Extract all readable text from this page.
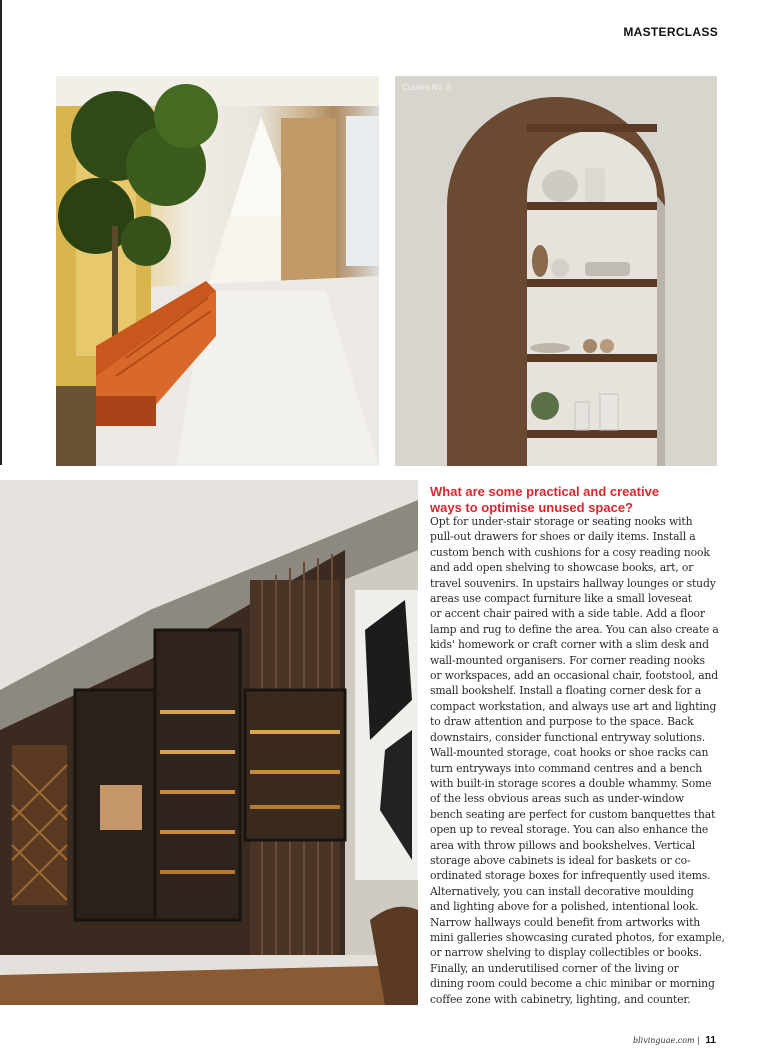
MASTERCLASS
Ritz Interiors
Custom No. 9
What are some practical and creative
ways to optimise unused space?
Opt for under-stair storage or seating nooks with
pull-out drawers for shoes or daily items. Install a
custom bench with cushions for a cosy reading nook
and add open shelving to showcase books, art, or
travel souvenirs. In upstairs hallway lounges or study
areas use compact furniture like a small loveseat
or accent chair paired with a side table. Add a floor
lamp and rug to define the area. You can also create a
kids' homework or craft corner with a slim desk and
wall-mounted organisers. For corner reading nooks
or workspaces, add an occasional chair, footstool, and
small bookshelf. Install a floating corner desk for a
compact workstation, and always use art and lighting
to draw attention and purpose to the space. Back
downstairs, consider functional entryway solutions.
Wall-mounted storage, coat hooks or shoe racks can
turn entryways into command centres and a bench
with built-in storage scores a double whammy. Some
of the less obvious areas such as under-window
bench seating are perfect for custom banquettes that
open up to reveal storage. You can also enhance the
area with throw pillows and bookshelves. Vertical
storage above cabinets is ideal for baskets or co-
ordinated storage boxes for infrequently used items.
Alternatively, you can install decorative moulding
and lighting above for a polished, intentional look.
Narrow hallways could benefit from artworks with
mini galleries showcasing curated photos, for example,
or narrow shelving to display collectibles or books.
Finally, an underutilised corner of the living or
dining room could become a chic minibar or morning
coffee zone with cabinetry, lighting, and counter.
blivinguae.com | 11
